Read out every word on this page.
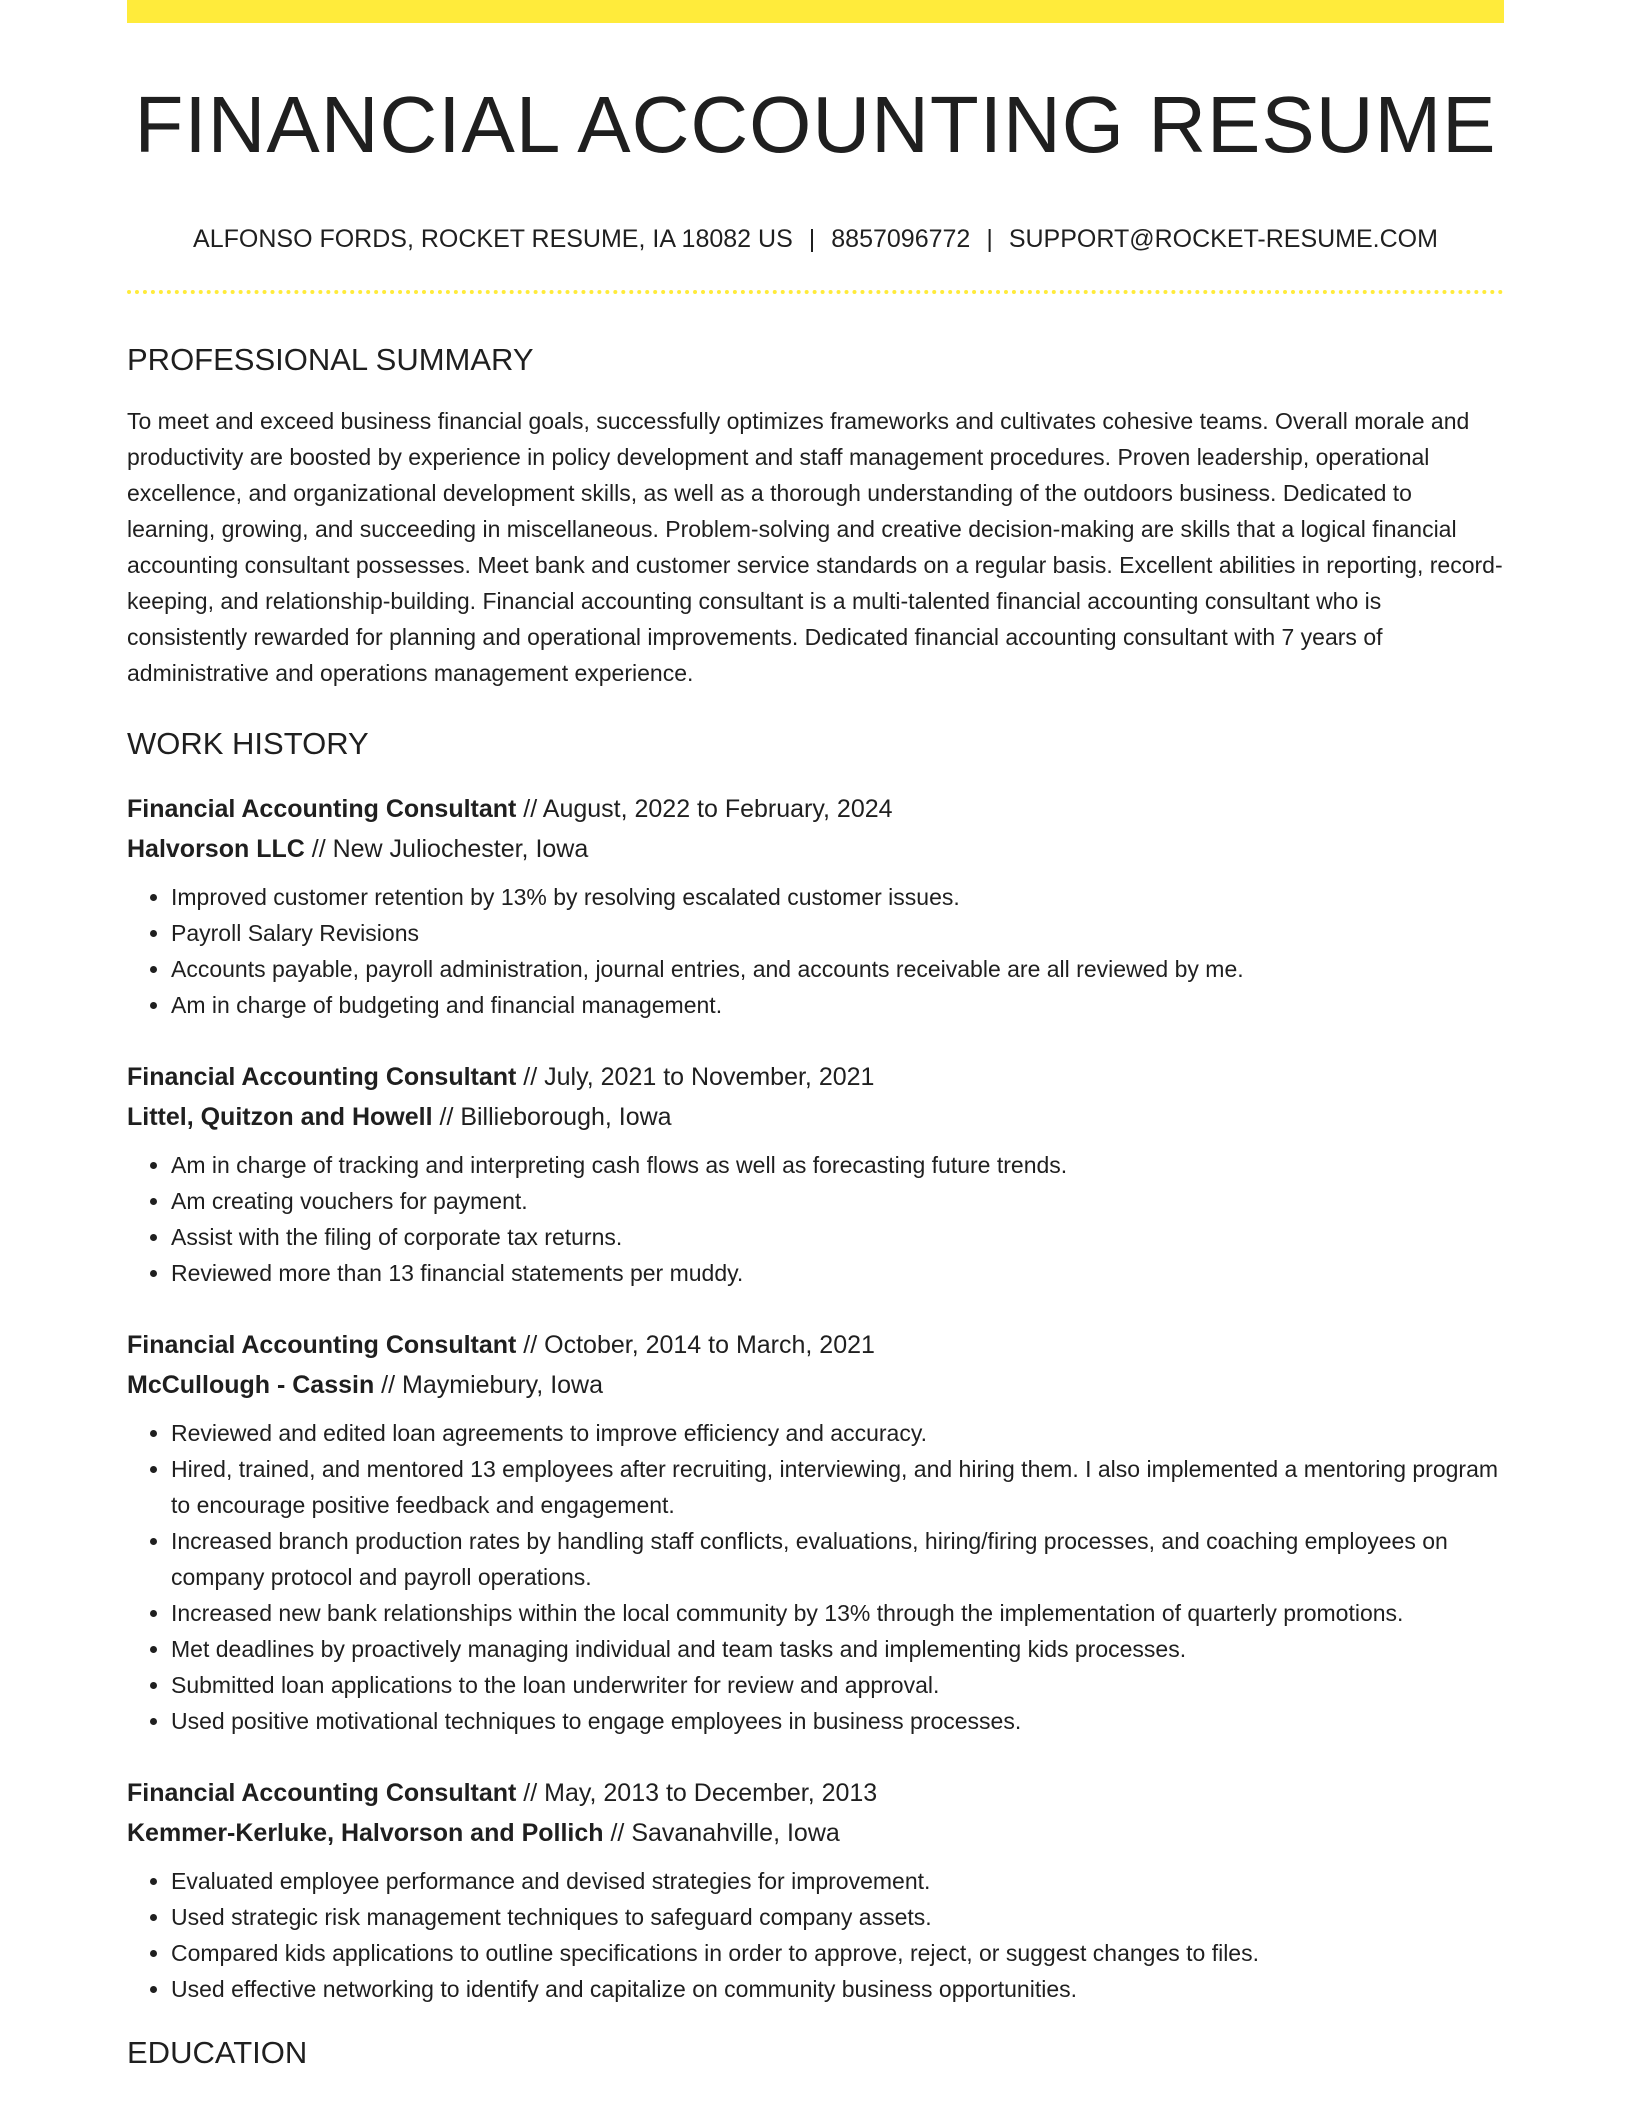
FINANCIAL ACCOUNTING RESUME
ALFONSO FORDS, ROCKET RESUME, IA 18082 US | 8857096772 | SUPPORT@ROCKET-RESUME.COM
PROFESSIONAL SUMMARY

To meet and exceed business financial goals, successfully optimizes frameworks and cultivates cohesive teams. Overall morale and productivity are boosted by experience in policy development and staff management procedures. Proven leadership, operational excellence, and organizational development skills, as well as a thorough understanding of the outdoors business. Dedicated to learning, growing, and succeeding in miscellaneous. Problem-solving and creative decision-making are skills that a logical financial accounting consultant possesses. Meet bank and customer service standards on a regular basis. Excellent abilities in reporting, record-keeping, and relationship-building. Financial accounting consultant is a multi-talented financial accounting consultant who is consistently rewarded for planning and operational improvements. Dedicated financial accounting consultant with 7 years of administrative and operations management experience.

WORK HISTORY
Financial Accounting Consultant // August, 2022 to February, 2024
Halvorson LLC // New Juliochester, Iowa
• Improved customer retention by 13% by resolving escalated customer issues.
• Payroll Salary Revisions
• Accounts payable, payroll administration, journal entries, and accounts receivable are all reviewed by me.
• Am in charge of budgeting and financial management.
Financial Accounting Consultant // July, 2021 to November, 2021
Littel, Quitzon and Howell // Billieborough, Iowa
• Am in charge of tracking and interpreting cash flows as well as forecasting future trends.
• Am creating vouchers for payment.
• Assist with the filing of corporate tax returns.
• Reviewed more than 13 financial statements per muddy.
Financial Accounting Consultant // October, 2014 to March, 2021
McCullough - Cassin // Maymiebury, Iowa
• Reviewed and edited loan agreements to improve efficiency and accuracy.
• Hired, trained, and mentored 13 employees after recruiting, interviewing, and hiring them. I also implemented a mentoring program to encourage positive feedback and engagement.
• Increased branch production rates by handling staff conflicts, evaluations, hiring/firing processes, and coaching employees on company protocol and payroll operations.
• Increased new bank relationships within the local community by 13% through the implementation of quarterly promotions.
• Met deadlines by proactively managing individual and team tasks and implementing kids processes.
• Submitted loan applications to the loan underwriter for review and approval.
• Used positive motivational techniques to engage employees in business processes.
Financial Accounting Consultant // May, 2013 to December, 2013
Kemmer-Kerluke, Halvorson and Pollich // Savanahville, Iowa
• Evaluated employee performance and devised strategies for improvement.
• Used strategic risk management techniques to safeguard company assets.
• Compared kids applications to outline specifications in order to approve, reject, or suggest changes to files.
• Used effective networking to identify and capitalize on community business opportunities.
EDUCATION
